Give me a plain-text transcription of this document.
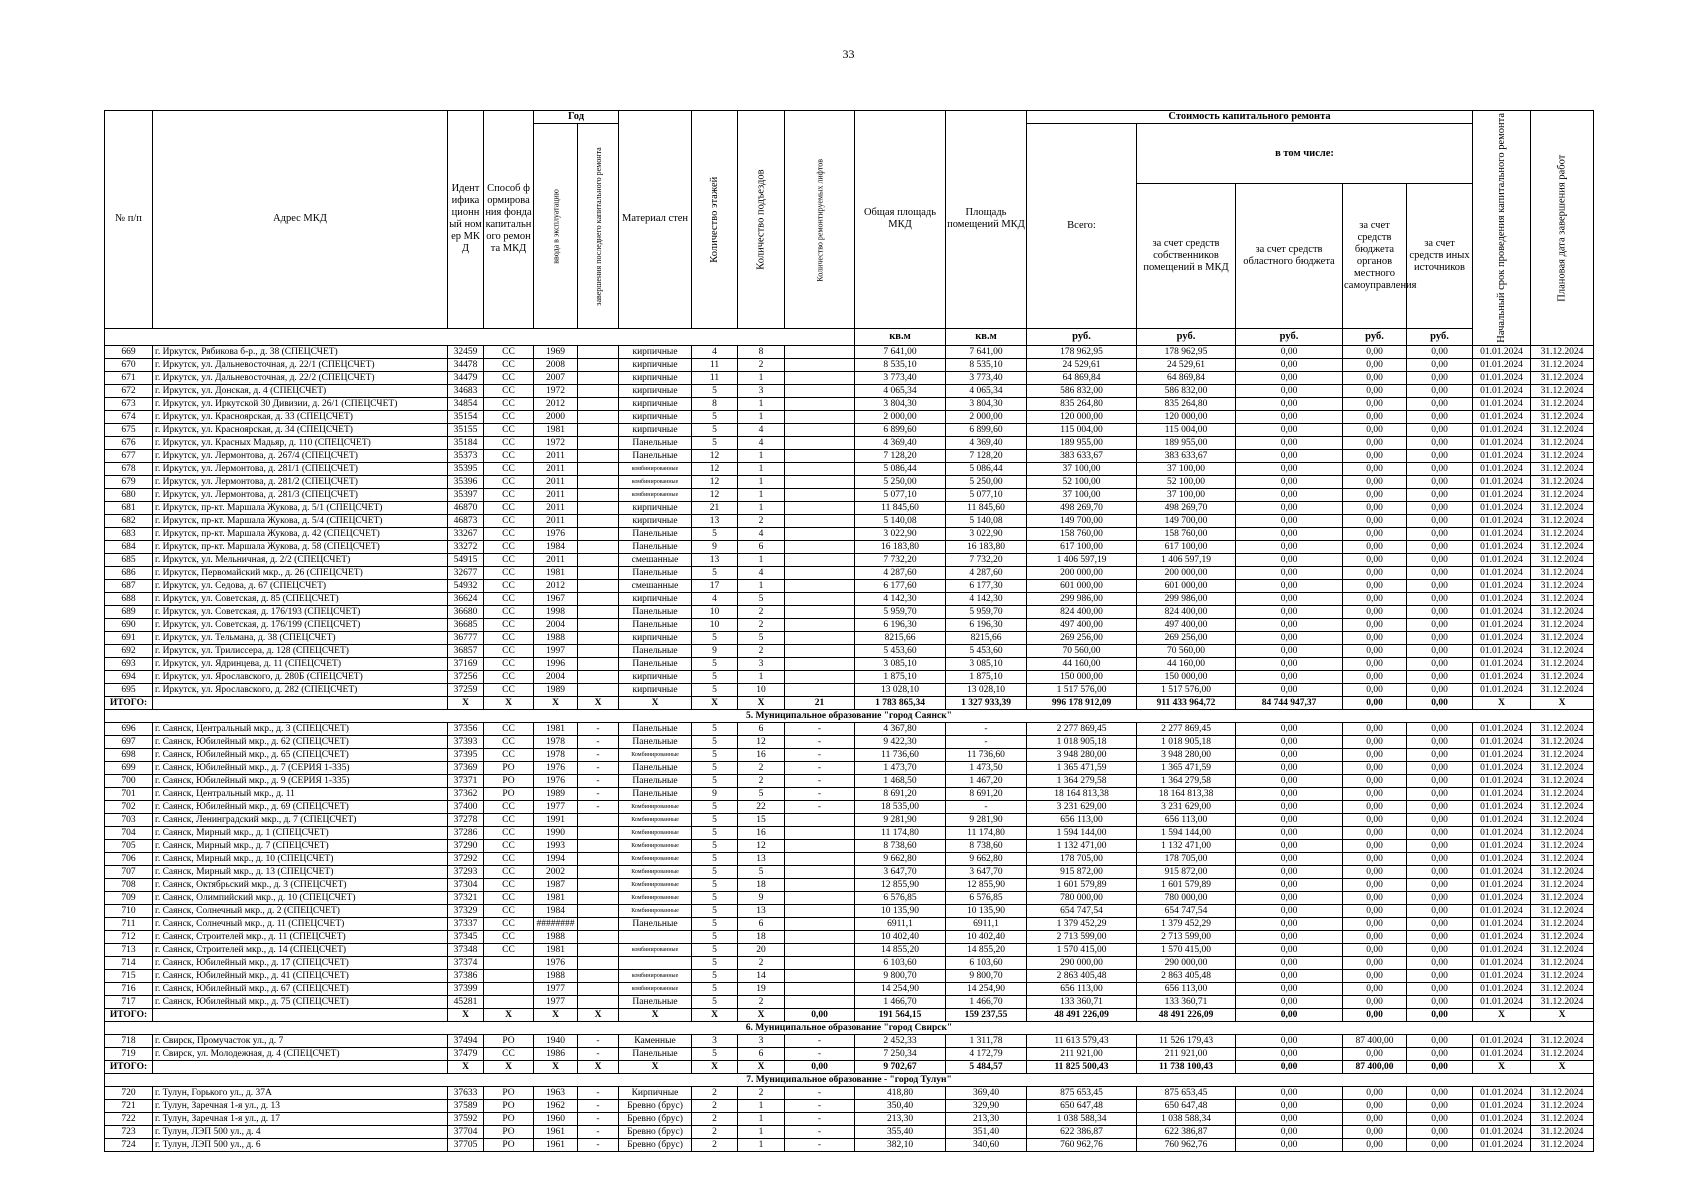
33
№ п/п	Адрес МКД	Идентификационный номер МКД	Способ формирования фонда капитального ремонта МКД	Год		Материал стен	Количество этажей	Количество подъездов	Количество ремонтируемых лифтов	Общая площадь МКД	Площадь помещений МКД	Стоимость капитального ремонта					Начальный срок проведения капитального ремонта	Плановая дата завершения работ
				ввода в эксплуатацию	завершения последнего капитального ремонта							Всего:	в том числе:					
													за счет средств собственников помещений в МКД	за счет средств областного бюджета	за счет средств бюджета органов местного самоуправления	за счет средств иных источников		
										кв.м	кв.м	руб.	руб.	руб.	руб.	руб.		
669	г. Иркутск, Рябикова б-р., д. 38 (СПЕЦСЧЕТ)	32459	СС	1969		кирпичные	4	8		7 641,00	7 641,00	178 962,95	178 962,95	0,00	0,00	0,00	01.01.2024	31.12.2024
670	г. Иркутск, ул. Дальневосточная, д. 22/1 (СПЕЦСЧЕТ)	34478	СС	2008		кирпичные	11	2		8 535,10	8 535,10	24 529,61	24 529,61	0,00	0,00	0,00	01.01.2024	31.12.2024
671	г. Иркутск, ул. Дальневосточная, д. 22/2 (СПЕЦСЧЕТ)	34479	СС	2007		кирпичные	11	1		3 773,40	3 773,40	64 869,84	64 869,84	0,00	0,00	0,00	01.01.2024	31.12.2024
672	г. Иркутск, ул. Донская, д. 4 (СПЕЦСЧЕТ)	34683	СС	1972		кирпичные	5	3		4 065,34	4 065,34	586 832,00	586 832,00	0,00	0,00	0,00	01.01.2024	31.12.2024
673	г. Иркутск, ул. Иркутской 30 Дивизии, д. 26/1 (СПЕЦСЧЕТ)	34854	СС	2012		кирпичные	8	1		3 804,30	3 804,30	835 264,80	835 264,80	0,00	0,00	0,00	01.01.2024	31.12.2024
674	г. Иркутск, ул. Красноярская, д. 33 (СПЕЦСЧЕТ)	35154	СС	2000		кирпичные	5	1		2 000,00	2 000,00	120 000,00	120 000,00	0,00	0,00	0,00	01.01.2024	31.12.2024
675	г. Иркутск, ул. Красноярская, д. 34 (СПЕЦСЧЕТ)	35155	СС	1981		кирпичные	5	4		6 899,60	6 899,60	115 004,00	115 004,00	0,00	0,00	0,00	01.01.2024	31.12.2024
676	г. Иркутск, ул. Красных Мадьяр, д. 110 (СПЕЦСЧЕТ)	35184	СС	1972		Панельные	5	4		4 369,40	4 369,40	189 955,00	189 955,00	0,00	0,00	0,00	01.01.2024	31.12.2024
677	г. Иркутск, ул. Лермонтова, д. 267/4 (СПЕЦСЧЕТ)	35373	СС	2011		Панельные	12	1		7 128,20	7 128,20	383 633,67	383 633,67	0,00	0,00	0,00	01.01.2024	31.12.2024
678	г. Иркутск, ул. Лермонтова, д. 281/1 (СПЕЦСЧЕТ)	35395	СС	2011		комбинированные	12	1		5 086,44	5 086,44	37 100,00	37 100,00	0,00	0,00	0,00	01.01.2024	31.12.2024
679	г. Иркутск, ул. Лермонтова, д. 281/2 (СПЕЦСЧЕТ)	35396	СС	2011		комбинированные	12	1		5 250,00	5 250,00	52 100,00	52 100,00	0,00	0,00	0,00	01.01.2024	31.12.2024
680	г. Иркутск, ул. Лермонтова, д. 281/3 (СПЕЦСЧЕТ)	35397	СС	2011		комбинированные	12	1		5 077,10	5 077,10	37 100,00	37 100,00	0,00	0,00	0,00	01.01.2024	31.12.2024
681	г. Иркутск, пр-кт. Маршала Жукова, д. 5/1 (СПЕЦСЧЕТ)	46870	СС	2011		кирпичные	21	1		11 845,60	11 845,60	498 269,70	498 269,70	0,00	0,00	0,00	01.01.2024	31.12.2024
682	г. Иркутск, пр-кт. Маршала Жукова, д. 5/4 (СПЕЦСЧЕТ)	46873	СС	2011		кирпичные	13	2		5 140,08	5 140,08	149 700,00	149 700,00	0,00	0,00	0,00	01.01.2024	31.12.2024
683	г. Иркутск, пр-кт. Маршала Жукова, д. 42 (СПЕЦСЧЕТ)	33267	СС	1976		Панельные	5	4		3 022,90	3 022,90	158 760,00	158 760,00	0,00	0,00	0,00	01.01.2024	31.12.2024
684	г. Иркутск, пр-кт. Маршала Жукова, д. 58 (СПЕЦСЧЕТ)	33272	СС	1984		Панельные	9	6		16 183,80	16 183,80	617 100,00	617 100,00	0,00	0,00	0,00	01.01.2024	31.12.2024
685	г. Иркутск, ул. Мельничная, д. 2/2 (СПЕЦСЧЕТ)	54915	СС	2011		смешанные	13	1		7 732,20	7 732,20	1 406 597,19	1 406 597,19	0,00	0,00	0,00	01.01.2024	31.12.2024
686	г. Иркутск, Первомайский мкр., д. 26 (СПЕЦСЧЕТ)	32677	СС	1981		Панельные	5	4		4 287,60	4 287,60	200 000,00	200 000,00	0,00	0,00	0,00	01.01.2024	31.12.2024
687	г. Иркутск, ул. Седова, д. 67 (СПЕЦСЧЕТ)	54932	СС	2012		смешанные	17	1		6 177,60	6 177,30	601 000,00	601 000,00	0,00	0,00	0,00	01.01.2024	31.12.2024
688	г. Иркутск, ул. Советская, д. 85 (СПЕЦСЧЕТ)	36624	СС	1967		кирпичные	4	5		4 142,30	4 142,30	299 986,00	299 986,00	0,00	0,00	0,00	01.01.2024	31.12.2024
689	г. Иркутск, ул. Советская, д. 176/193 (СПЕЦСЧЕТ)	36680	СС	1998		Панельные	10	2		5 959,70	5 959,70	824 400,00	824 400,00	0,00	0,00	0,00	01.01.2024	31.12.2024
690	г. Иркутск, ул. Советская, д. 176/199 (СПЕЦСЧЕТ)	36685	СС	2004		Панельные	10	2		6 196,30	6 196,30	497 400,00	497 400,00	0,00	0,00	0,00	01.01.2024	31.12.2024
691	г. Иркутск, ул. Тельмана, д. 38 (СПЕЦСЧЕТ)	36777	СС	1988		кирпичные	5	5		8215,66	8215,66	269 256,00	269 256,00	0,00	0,00	0,00	01.01.2024	31.12.2024
692	г. Иркутск, ул. Трилиссера, д. 128 (СПЕЦСЧЕТ)	36857	СС	1997		Панельные	9	2		5 453,60	5 453,60	70 560,00	70 560,00	0,00	0,00	0,00	01.01.2024	31.12.2024
693	г. Иркутск, ул. Ядринцева, д. 11 (СПЕЦСЧЕТ)	37169	СС	1996		Панельные	5	3		3 085,10	3 085,10	44 160,00	44 160,00	0,00	0,00	0,00	01.01.2024	31.12.2024
694	г. Иркутск, ул. Ярославского, д. 280Б (СПЕЦСЧЕТ)	37256	СС	2004		кирпичные	5	1		1 875,10	1 875,10	150 000,00	150 000,00	0,00	0,00	0,00	01.01.2024	31.12.2024
695	г. Иркутск, ул. Ярославского, д. 282 (СПЕЦСЧЕТ)	37259	СС	1989		кирпичные	5	10		13 028,10	13 028,10	1 517 576,00	1 517 576,00	0,00	0,00	0,00	01.01.2024	31.12.2024
ИТОГО:		X	X	X	X	X	X	X	21	1 783 865,34	1 327 933,39	996 178 912,09	911 433 964,72	84 744 947,37	0,00	0,00	X	X
5. Муниципальное образование "город Саянск"																		
696	г. Саянск, Центральный мкр., д. 3 (СПЕЦСЧЕТ)	37356	СС	1981	-	Панельные	5	6	-	4 367,80	-	2 277 869,45	2 277 869,45	0,00	0,00	0,00	01.01.2024	31.12.2024
697	г. Саянск, Юбилейный мкр., д. 62 (СПЕЦСЧЕТ)	37393	СС	1978	-	Панельные	5	12	-	9 422,30	-	1 018 905,18	1 018 905,18	0,00	0,00	0,00	01.01.2024	31.12.2024
698	г. Саянск, Юбилейный мкр., д. 65 (СПЕЦСЧЕТ)	37395	СС	1978	-	Комбинированные	5	16	-	11 736,60	11 736,60	3 948 280,00	3 948 280,00	0,00	0,00	0,00	01.01.2024	31.12.2024
699	г. Саянск, Юбилейный мкр., д. 7 (СЕРИЯ 1-335)	37369	РО	1976	-	Панельные	5	2	-	1 473,70	1 473,50	1 365 471,59	1 365 471,59	0,00	0,00	0,00	01.01.2024	31.12.2024
700	г. Саянск, Юбилейный мкр., д. 9 (СЕРИЯ 1-335)	37371	РО	1976	-	Панельные	5	2	-	1 468,50	1 467,20	1 364 279,58	1 364 279,58	0,00	0,00	0,00	01.01.2024	31.12.2024
701	г. Саянск, Центральный мкр., д. 11	37362	РО	1989	-	Панельные	9	5	-	8 691,20	8 691,20	18 164 813,38	18 164 813,38	0,00	0,00	0,00	01.01.2024	31.12.2024
702	г. Саянск, Юбилейный мкр., д. 69 (СПЕЦСЧЕТ)	37400	СС	1977	-	Комбинированные	5	22	-	18 535,00	-	3 231 629,00	3 231 629,00	0,00	0,00	0,00	01.01.2024	31.12.2024
703	г. Саянск, Ленинградский мкр., д. 7 (СПЕЦСЧЕТ)	37278	СС	1991		Комбинированные	5	15		9 281,90	9 281,90	656 113,00	656 113,00	0,00	0,00	0,00	01.01.2024	31.12.2024
704	г. Саянск, Мирный мкр., д. 1 (СПЕЦСЧЕТ)	37286	СС	1990		Комбинированные	5	16		11 174,80	11 174,80	1 594 144,00	1 594 144,00	0,00	0,00	0,00	01.01.2024	31.12.2024
705	г. Саянск, Мирный мкр., д. 7 (СПЕЦСЧЕТ)	37290	СС	1993		Комбинированные	5	12		8 738,60	8 738,60	1 132 471,00	1 132 471,00	0,00	0,00	0,00	01.01.2024	31.12.2024
706	г. Саянск, Мирный мкр., д. 10 (СПЕЦСЧЕТ)	37292	СС	1994		Комбинированные	5	13		9 662,80	9 662,80	178 705,00	178 705,00	0,00	0,00	0,00	01.01.2024	31.12.2024
707	г. Саянск, Мирный мкр., д. 13 (СПЕЦСЧЕТ)	37293	СС	2002		Комбинированные	5	5		3 647,70	3 647,70	915 872,00	915 872,00	0,00	0,00	0,00	01.01.2024	31.12.2024
708	г. Саянск, Октябрьский мкр., д. 3 (СПЕЦСЧЕТ)	37304	СС	1987		Комбинированные	5	18		12 855,90	12 855,90	1 601 579,89	1 601 579,89	0,00	0,00	0,00	01.01.2024	31.12.2024
709	г. Саянск, Олимпийский мкр., д. 10 (СПЕЦСЧЕТ)	37321	СС	1981		Комбинированные	5	9		6 576,85	6 576,85	780 000,00	780 000,00	0,00	0,00	0,00	01.01.2024	31.12.2024
710	г. Саянск, Солнечный мкр., д. 2 (СПЕЦСЧЕТ)	37329	СС	1984		Комбинированные	5	13		10 135,90	10 135,90	654 747,54	654 747,54	0,00	0,00	0,00	01.01.2024	31.12.2024
711	г. Саянск, Солнечный мкр., д. 11 (СПЕЦСЧЕТ)	37337	СС	########		Панельные	5	6		6911,1	6911,1	1 379 452,29	1 379 452,29	0,00	0,00	0,00	01.01.2024	31.12.2024
712	г. Саянск, Строителей мкр., д. 11 (СПЕЦСЧЕТ)	37345	СС	1988			5	18		10 402,40	10 402,40	2 713 599,00	2 713 599,00	0,00	0,00	0,00	01.01.2024	31.12.2024
713	г. Саянск, Строителей мкр., д. 14 (СПЕЦСЧЕТ)	37348	СС	1981		комбинированные	5	20		14 855,20	14 855,20	1 570 415,00	1 570 415,00	0,00	0,00	0,00	01.01.2024	31.12.2024
714	г. Саянск, Юбилейный мкр., д. 17 (СПЕЦСЧЕТ)	37374		1976			5	2		6 103,60	6 103,60	290 000,00	290 000,00	0,00	0,00	0,00	01.01.2024	31.12.2024
715	г. Саянск, Юбилейный мкр., д. 41 (СПЕЦСЧЕТ)	37386		1988		комбинированные	5	14		9 800,70	9 800,70	2 863 405,48	2 863 405,48	0,00	0,00	0,00	01.01.2024	31.12.2024
716	г. Саянск, Юбилейный мкр., д. 67 (СПЕЦСЧЕТ)	37399		1977		комбинированные	5	19		14 254,90	14 254,90	656 113,00	656 113,00	0,00	0,00	0,00	01.01.2024	31.12.2024
717	г. Саянск, Юбилейный мкр., д. 75 (СПЕЦСЧЕТ)	45281		1977		Панельные	5	2		1 466,70	1 466,70	133 360,71	133 360,71	0,00	0,00	0,00	01.01.2024	31.12.2024
ИТОГО:		X	X	X	X	X	X	X	0,00	191 564,15	159 237,55	48 491 226,09	48 491 226,09	0,00	0,00	0,00	X	X
6. Муниципальное образование "город Свирск"																		
718	г. Свирск, Промучасток ул., д. 7	37494	РО	1940	-	Каменные	3	3	-	2 452,33	1 311,78	11 613 579,43	11 526 179,43	0,00	87 400,00	0,00	01.01.2024	31.12.2024
719	г. Свирск, ул. Молодежная, д. 4 (СПЕЦСЧЕТ)	37479	СС	1986	-	Панельные	5	6	-	7 250,34	4 172,79	211 921,00	211 921,00	0,00	0,00	0,00	01.01.2024	31.12.2024
ИТОГО:		X	X	X	X	X	X	X	0,00	9 702,67	5 484,57	11 825 500,43	11 738 100,43	0,00	87 400,00	0,00	X	X
7. Муниципальное образование - "город Тулун"																		
720	г. Тулун, Горького ул., д. 37А	37633	РО	1963	-	Кирпичные	2	2	-	418,80	369,40	875 653,45	875 653,45	0,00	0,00	0,00	01.01.2024	31.12.2024
721	г. Тулун, Заречная 1-я ул., д. 13	37589	РО	1962	-	Бревно (брус)	2	1	-	350,40	329,90	650 647,48	650 647,48	0,00	0,00	0,00	01.01.2024	31.12.2024
722	г. Тулун, Заречная 1-я ул., д. 17	37592	РО	1960	-	Бревно (брус)	2	1	-	213,30	213,30	1 038 588,34	1 038 588,34	0,00	0,00	0,00	01.01.2024	31.12.2024
723	г. Тулун, ЛЭП 500 ул., д. 4	37704	РО	1961	-	Бревно (брус)	2	1	-	355,40	351,40	622 386,87	622 386,87	0,00	0,00	0,00	01.01.2024	31.12.2024
724	г. Тулун, ЛЭП 500 ул., д. 6	37705	РО	1961	-	Бревно (брус)	2	1	-	382,10	340,60	760 962,76	760 962,76	0,00	0,00	0,00	01.01.2024	31.12.2024
